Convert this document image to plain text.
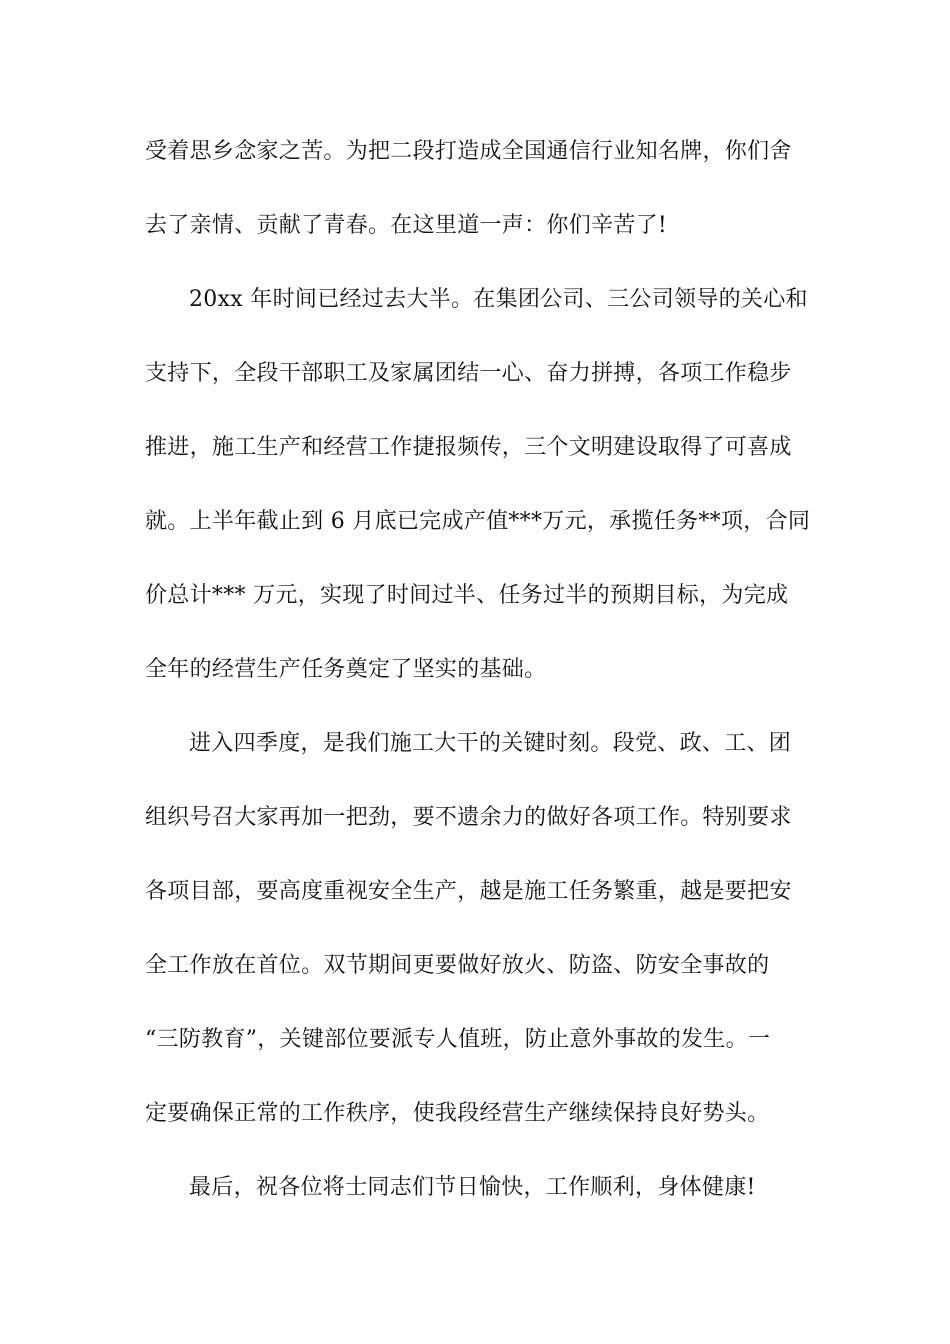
受着思乡念家之苦。为把二段打造成全国通信行业知名牌，你们舍
去了亲情、贡献了青春。在这里道一声：你们辛苦了!
20xx 年时间已经过去大半。在集团公司、三公司领导的关心和
支持下，全段干部职工及家属团结一心、奋力拼搏，各项工作稳步
推进，施工生产和经营工作捷报频传，三个文明建设取得了可喜成
就。上半年截止到 6 月底已完成产值***万元，承揽任务**项，合同
价总计*** 万元，实现了时间过半、任务过半的预期目标，为完成
全年的经营生产任务奠定了坚实的基础。
进入四季度，是我们施工大干的关键时刻。段党、政、工、团
组织号召大家再加一把劲，要不遗余力的做好各项工作。特别要求
各项目部，要高度重视安全生产，越是施工任务繁重，越是要把安
全工作放在首位。双节期间更要做好放火、防盗、防安全事故的
“三防教育”，关键部位要派专人值班，防止意外事故的发生。一
定要确保正常的工作秩序，使我段经营生产继续保持良好势头。
最后，祝各位将士同志们节日愉快，工作顺利，身体健康!
